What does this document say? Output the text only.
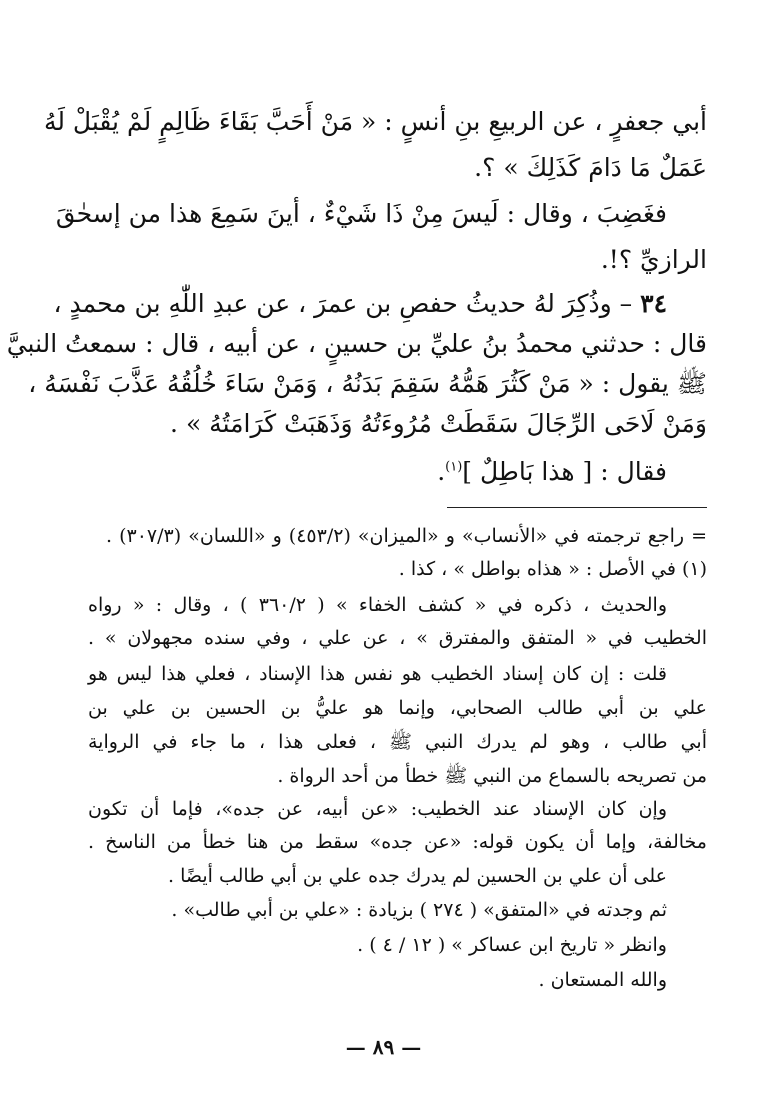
أبي جعفرٍ ، عن الربيعِ بنِ أنسٍ : « مَنْ أَحَبَّ بَقَاءَ ظَالِمٍ لَمْ يُقْبَلْ لَهُ
عَمَلٌ مَا دَامَ كَذَلِكَ » ؟.
فغَضِبَ ، وقال : لَيسَ مِنْ ذَا شَيْءٌ ، أينَ سَمِعَ هذا من إسحٰقَ
الرازيِّ ؟!.
٣٤ – وذُكِرَ لهُ حديثُ حفصِ بن عمرَ ، عن عبدِ اللّٰهِ بن محمدٍ ،
قال : حدثني محمدُ بنُ عليِّ بن حسينٍ ، عن أبيه ، قال : سمعتُ النبيَّ
ﷺ يقول : « مَنْ كَثُرَ هَمُّهُ سَقِمَ بَدَنُهُ ، وَمَنْ سَاءَ خُلُقُهُ عَذَّبَ نَفْسَهُ ،
وَمَنْ لَاحَى الرِّجَالَ سَقَطَتْ مُرُوءَتُهُ وَذَهَبَتْ كَرَامَتُهُ » .
فقال : [ هذا بَاطِلٌ ]$^{(١)}$.
= راجع ترجمته في «الأنساب» و «الميزان» (٤٥٣/٢) و «اللسان» (٣٠٧/٣) .
(١) في الأصل : « هذاه بواطل » ، كذا .
والحديث ، ذكره في « كشف الخفاء » ( ٣٦٠/٢ ) ، وقال : « رواه
الخطيب في « المتفق والمفترق » ، عن علي ، وفي سنده مجهولان » .
قلت : إن كان إسناد الخطيب هو نفس هذا الإسناد ، فعلي هذا ليس هو
علي بن أبي طالب الصحابي، وإنما هو عليُّ بن الحسين بن علي بن
أبي طالب ، وهو لم يدرك النبي ﷺ ، فعلى هذا ، ما جاء في الرواية
من تصريحه بالسماع من النبي ﷺ خطأ من أحد الرواة .
وإن كان الإسناد عند الخطيب: «عن أبيه، عن جده»، فإما أن تكون
مخالفة، وإما أن يكون قوله: «عن جده» سقط من هنا خطأ من الناسخ .
على أن علي بن الحسين لم يدرك جده علي بن أبي طالب أيضًا .
ثم وجدته في «المتفق» ( ٢٧٤ ) بزيادة : «علي بن أبي طالب» .
وانظر « تاريخ ابن عساكر » ( ١٢ / ٤ ) .
والله المستعان .
— ٨٩ —
